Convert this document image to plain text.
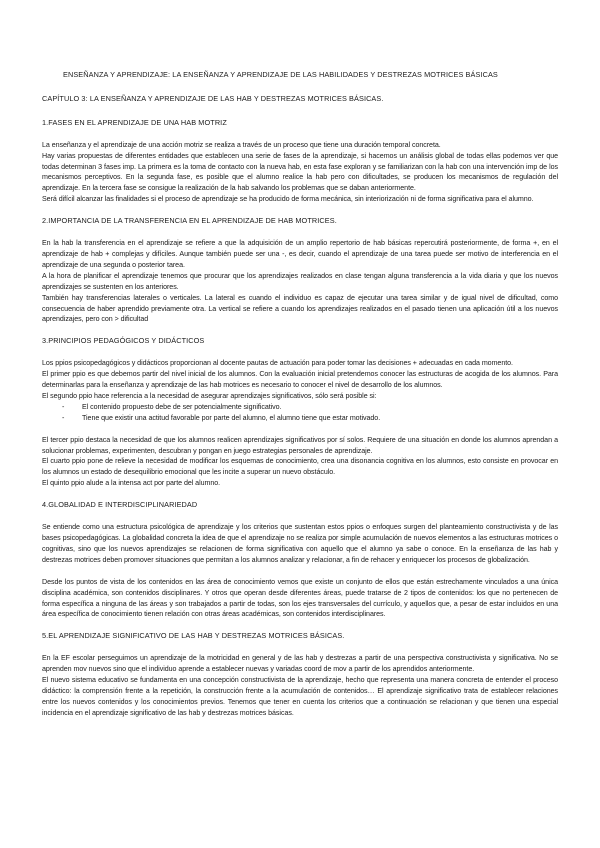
ENSEÑANZA Y APRENDIZAJE: LA ENSEÑANZA Y APRENDIZAJE DE LAS HABILIDADES Y DESTREZAS MOTRICES BÁSICAS
CAPÍTULO 3: LA ENSEÑANZA Y APRENDIZAJE DE LAS HAB Y DESTREZAS MOTRICES BÁSICAS.
1.FASES EN EL APRENDIZAJE DE UNA HAB MOTRIZ

La enseñanza y el aprendizaje de una acción motriz se realiza a través de un proceso que tiene una duración temporal concreta.

Hay varias propuestas de diferentes entidades que establecen una serie de fases de la aprendizaje, si hacemos un análisis global de todas ellas podemos ver que todas determinan 3 fases imp. La primera es la toma de contacto con la nueva hab, en esta fase exploran y se familiarizan con la hab con una intervención imp de los mecanismos perceptivos. En la segunda fase, es posible que el alumno realice la hab pero con dificultades, se producen los mecanismos de regulación del aprendizaje. En la tercera fase se consigue la realización de la hab salvando los problemas que se daban anteriormente.

Será difícil alcanzar las finalidades si el proceso de aprendizaje se ha producido de forma mecánica, sin interiorización ni de forma significativa para el alumno.

2.IMPORTANCIA DE LA TRANSFERENCIA EN EL APRENDIZAJE DE HAB MOTRICES.

En la hab la transferencia en el aprendizaje se refiere a que la adquisición de un amplio repertorio de hab básicas repercutirá posteriormente, de forma +, en el aprendizaje de hab + complejas y difíciles. Aunque también puede ser una -, es decir, cuando el aprendizaje de una tarea puede ser motivo de interferencia en el aprendizaje de una segunda o posterior tarea.

A la hora de planificar el aprendizaje tenemos que procurar que los aprendizajes realizados en clase tengan alguna transferencia a la vida diaria y que los nuevos aprendizajes se sustenten en los anteriores.

También hay transferencias laterales o verticales. La lateral es cuando el individuo es capaz de ejecutar una tarea similar y de igual nivel de dificultad, como consecuencia de haber aprendido previamente otra. La vertical se refiere a cuando los aprendizajes realizados en el pasado tienen una aplicación útil a los nuevos aprendizajes, pero con > dificultad

3.PRINCIPIOS PEDAGÓGICOS Y DIDÁCTICOS

Los ppios psicopedagógicos y didácticos proporcionan al docente pautas de actuación para poder tomar las decisiones + adecuadas en cada momento.

El primer ppio es que debemos partir del nivel inicial de los alumnos. Con la evaluación inicial pretendemos conocer las estructuras de acogida de los alumnos. Para determinarlas para la enseñanza y aprendizaje de las hab motrices es necesario to conocer el nivel de desarrollo de los alumnos.

El segundo ppio hace referencia a la necesidad de asegurar aprendizajes significativos, sólo será posible si:

- El contenido propuesto debe de ser potencialmente significativo.
- Tiene que existir una actitud favorable por parte del alumno, el alumno tiene que estar motivado.

El tercer ppio destaca la necesidad de que los alumnos realicen aprendizajes significativos por sí solos. Requiere de una situación en donde los alumnos aprendan a solucionar problemas, experimenten, descubran y pongan en juego estrategias personales de aprendizaje.

El cuarto ppio pone de relieve la necesidad de modificar los esquemas de conocimiento, crea una disonancia cognitiva en los alumnos, esto consiste en provocar en los alumnos un estado de desequilibrio emocional que les incite a superar un nuevo obstáculo.

El quinto ppio alude a la intensa act por parte del alumno.

4.GLOBALIDAD E INTERDISCIPLINARIEDAD

Se entiende como una estructura psicológica de aprendizaje y los criterios que sustentan estos ppios o enfoques surgen del planteamiento constructivista y de las bases psicopedagógicas. La globalidad concreta la idea de que el aprendizaje no se realiza por simple acumulación de nuevos elementos a las estructuras motrices o cognitivas, sino que los nuevos aprendizajes se relacionen de forma significativa con aquello que el alumno ya sabe o conoce. En la enseñanza de las hab y destrezas motrices deben promover situaciones que permitan a los alumnos analizar y relacionar, a fin de rehacer y enriquecer los procesos de globalización.

Desde los puntos de vista de los contenidos en las área de conocimiento vemos que existe un conjunto de ellos que están estrechamente vinculados a una única disciplina académica, son contenidos disciplinares. Y otros que operan desde diferentes áreas, puede tratarse de 2 tipos de contenidos: los que no pertenecen de forma específica a ninguna de las áreas y son trabajados a partir de todas, son los ejes transversales del currículo, y aquellos que, a pesar de estar incluidos en una área específica de conocimiento tienen relación con otras áreas académicas, son contenidos interdisciplinares.

5.EL APRENDIZAJE SIGNIFICATIVO DE LAS HAB Y DESTREZAS MOTRICES BÁSICAS.

En la EF escolar perseguimos un aprendizaje de la motricidad en general y de las hab y destrezas a partir de una perspectiva constructivista y significativa. No se aprenden mov nuevos sino que el individuo aprende a establecer nuevas y variadas coord de mov a partir de los aprendidos anteriormente.

El nuevo sistema educativo se fundamenta en una concepción constructivista de la aprendizaje, hecho que representa una manera concreta de entender el proceso didáctico: la comprensión frente a la repetición, la construcción frente a la acumulación de contenidos… El aprendizaje significativo trata de establecer relaciones entre los nuevos contenidos y los conocimientos previos. Tenemos que tener en cuenta los criterios que a continuación se relacionan y que tienen una especial incidencia en el aprendizaje significativo de las hab y destrezas motrices básicas.
